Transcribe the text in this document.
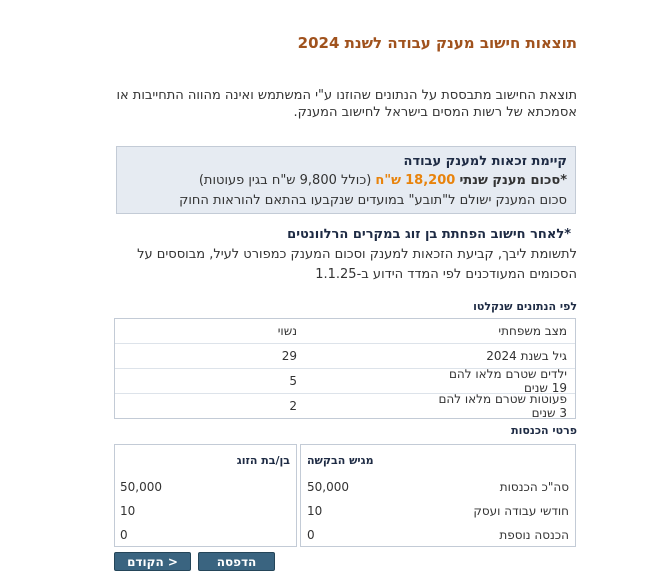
תוצאות חישוב מענק עבודה לשנת 2024
תוצאת החישוב מתבססת על הנתונים שהוזנו ע"י המשתמש ואינה מהווה התחייבות או אסמכתא של רשות המסים בישראל לחישוב המענק.
קיימת זכאות למענק עבודה
*סכום מענק שנתי 18,200 ש"ח (כולל 9,800 ש"ח בגין פעוטות)
סכום המענק ישולם ל"תובע" במועדים שנקבעו בהתאם להוראות החוק
*לאחר חישוב הפחתת בן זוג במקרים הרלוונטים
לתשומת ליבך, קביעת הזכאות למענק וסכום המענק כמפורט לעיל, מבוססים על הסכומים המעודכנים לפי המדד הידוע ב-1.1.25
לפי הנתונים שנקלטו
מצב משפחתי
נשוי
גיל בשנת 2024
29
ילדים שטרם מלאו להם 19 שנים
5
פעוטות שטרם מלאו להם 3 שנים
2
פרטי הכנסות
מגיש הבקשה
סה"כ הכנסות
50,000
חודשי עבודה ועסק
10
הכנסה נוספת
0
בן/בת הזוג
50,000
10
0
הדפסה
< הקודם
